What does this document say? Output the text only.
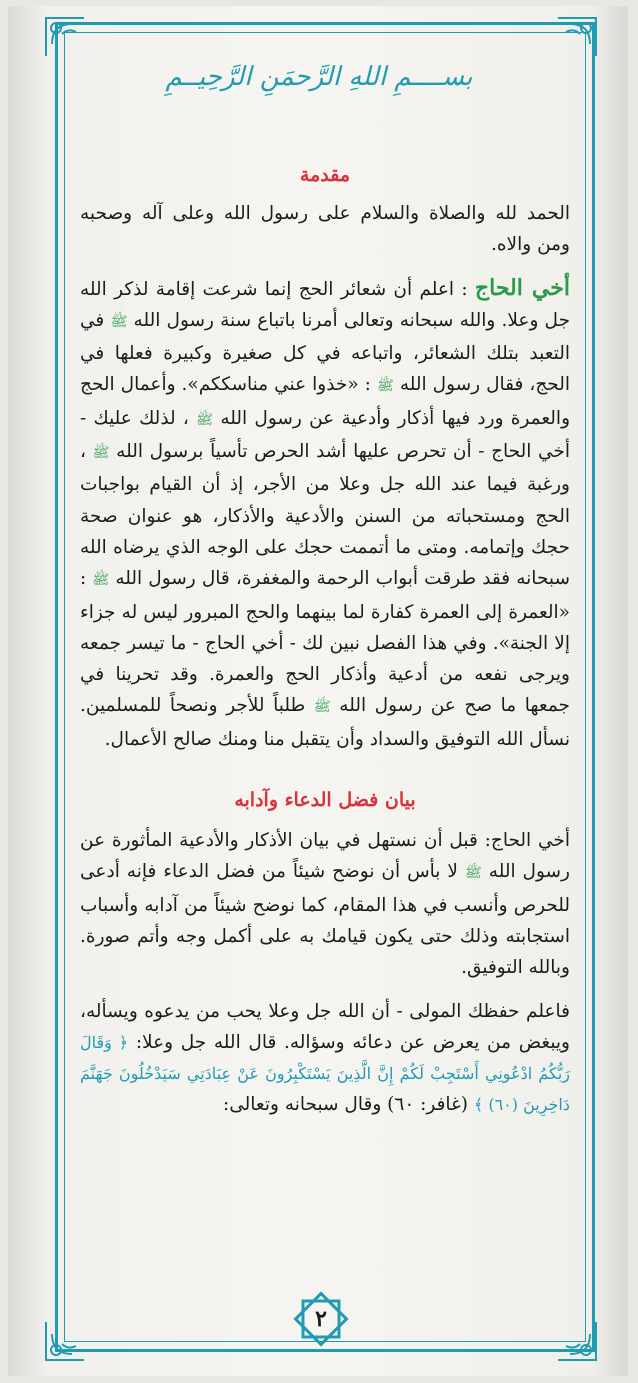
بســــمِ اللهِ الرَّحمَنِ الرَّحِيــمِ

مقدمة

الحمد لله والصلاة والسلام على رسول الله وعلى آله وصحبه ومن والاه.

أخي الحاج : اعلم أن شعائر الحج إنما شرعت إقامة لذكر الله جل وعلا. والله سبحانه وتعالى أمرنا باتباع سنة رسول الله ﷺ في التعبد بتلك الشعائر، واتباعه في كل صغيرة وكبيرة فعلها في الحج، فقال رسول الله ﷺ : «خذوا عني مناسككم». وأعمال الحج والعمرة ورد فيها أذكار وأدعية عن رسول الله ﷺ ، لذلك عليك - أخي الحاج - أن تحرص عليها أشد الحرص تأسياً برسول الله ﷺ ، ورغبة فيما عند الله جل وعلا من الأجر، إذ أن القيام بواجبات الحج ومستحباته من السنن والأدعية والأذكار، هو عنوان صحة حجك وإتمامه. ومتى ما أتممت حجك على الوجه الذي يرضاه الله سبحانه فقد طرقت أبواب الرحمة والمغفرة، قال رسول الله ﷺ : «العمرة إلى العمرة كفارة لما بينهما والحج المبرور ليس له جزاء إلا الجنة». وفي هذا الفصل نبين لك - أخي الحاج - ما تيسر جمعه ويرجى نفعه من أدعية وأذكار الحج والعمرة. وقد تحرينا في جمعها ما صح عن رسول الله ﷺ طلباً للأجر ونصحاً للمسلمين. نسأل الله التوفيق والسداد وأن يتقبل منا ومنك صالح الأعمال.

بيان فضل الدعاء وآدابه

أخي الحاج: قبل أن نستهل في بيان الأذكار والأدعية المأثورة عن رسول الله ﷺ لا بأس أن نوضح شيئاً من فضل الدعاء فإنه أدعى للحرص وأنسب في هذا المقام، كما نوضح شيئاً من آدابه وأسباب استجابته وذلك حتى يكون قيامك به على أكمل وجه وأتم صورة. وبالله التوفيق.

فاعلم حفظك المولى - أن الله جل وعلا يحب من يدعوه ويسأله، ويبغض من يعرض عن دعائه وسؤاله. قال الله جل وعلا: ﴿ وَقَالَ رَبُّكُمُ ادْعُونِي أَسْتَجِبْ لَكُمْ إِنَّ الَّذِينَ يَسْتَكْبِرُونَ عَنْ عِبَادَتِي سَيَدْخُلُونَ جَهَنَّمَ دَاخِرِينَ (٦٠) ﴾ (غافر: ٦٠) وقال سبحانه وتعالى:

٢
